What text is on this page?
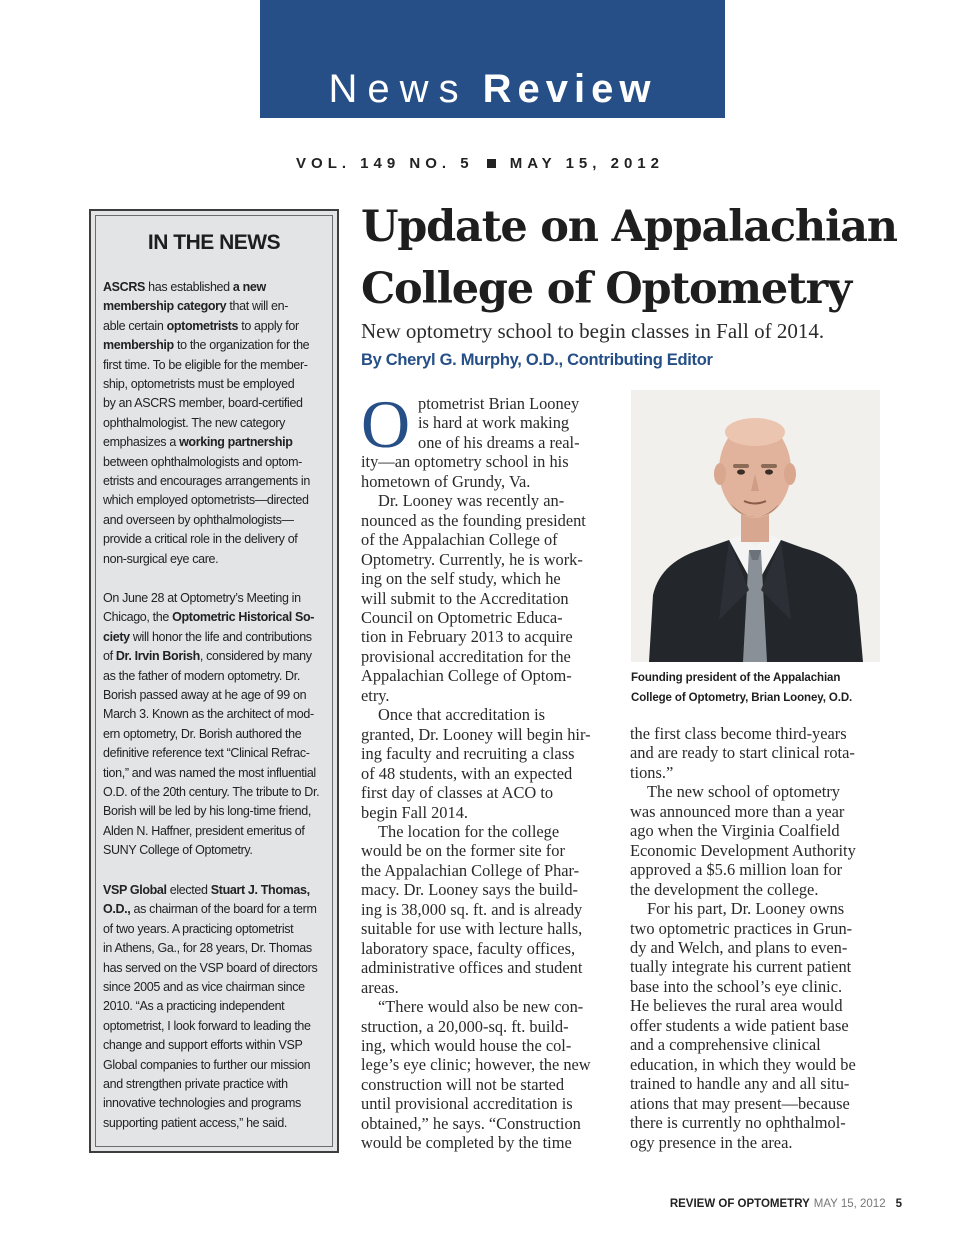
News Review
VOL. 149 NO. 5 MAY 15, 2012
IN THE NEWS
ASCRS has established a new
membership category that will en-
able certain optometrists to apply for
membership to the organization for the
first time. To be eligible for the member-
ship, optometrists must be employed
by an ASCRS member, board-certified
ophthalmologist. The new category
emphasizes a working partnership
between ophthalmologists and optom-
etrists and encourages arrangements in
which employed optometrists—directed
and overseen by ophthalmologists—
provide a critical role in the delivery of
non-surgical eye care.
On June 28 at Optometry’s Meeting in
Chicago, the Optometric Historical So-
ciety will honor the life and contributions
of Dr. Irvin Borish, considered by many
as the father of modern optometry. Dr.
Borish passed away at he age of 99 on
March 3. Known as the architect of mod-
ern optometry, Dr. Borish authored the
definitive reference text “Clinical Refrac-
tion,” and was named the most influential
O.D. of the 20th century. The tribute to Dr.
Borish will be led by his long-time friend,
Alden N. Haffner, president emeritus of
SUNY College of Optometry.
VSP Global elected Stuart J. Thomas,
O.D., as chairman of the board for a term
of two years. A practicing optometrist
in Athens, Ga., for 28 years, Dr. Thomas
has served on the VSP board of directors
since 2005 and as vice chairman since
2010. “As a practicing independent
optometrist, I look forward to leading the
change and support efforts within VSP
Global companies to further our mission
and strengthen private practice with
innovative technologies and programs
supporting patient access,” he said.
Update on Appalachian
College of Optometry
New optometry school to begin classes in Fall of 2014.
By Cheryl G. Murphy, O.D., Contributing Editor
O ptometrist Brian Looney
is hard at work making
one of his dreams a real-
ity—an optometry school in his
hometown of Grundy, Va.
Dr. Looney was recently an-
nounced as the founding president
of the Appalachian College of
Optometry. Currently, he is work-
ing on the self study, which he
will submit to the Accreditation
Council on Optometric Educa-
tion in February 2013 to acquire
provisional accreditation for the
Appalachian College of Optom-
etry.
Once that accreditation is
granted, Dr. Looney will begin hir-
ing faculty and recruiting a class
of 48 students, with an expected
first day of classes at ACO to
begin Fall 2014.
The location for the college
would be on the former site for
the Appalachian College of Phar-
macy. Dr. Looney says the build-
ing is 38,000 sq. ft. and is already
suitable for use with lecture halls,
laboratory space, faculty offices,
administrative offices and student
areas.
“There would also be new con-
struction, a 20,000-sq. ft. build-
ing, which would house the col-
lege’s eye clinic; however, the new
construction will not be started
until provisional accreditation is
obtained,” he says. “Construction
would be completed by the time
Founding president of the Appalachian
College of Optometry, Brian Looney, O.D.
the first class become third-years
and are ready to start clinical rota-
tions.”
The new school of optometry
was announced more than a year
ago when the Virginia Coalfield
Economic Development Authority
approved a $5.6 million loan for
the development the college.
For his part, Dr. Looney owns
two optometric practices in Grun-
dy and Welch, and plans to even-
tually integrate his current patient
base into the school’s eye clinic.
He believes the rural area would
offer students a wide patient base
and a comprehensive clinical
education, in which they would be
trained to handle any and all situ-
ations that may present—because
there is currently no ophthalmol-
ogy presence in the area.
REVIEW OF OPTOMETRY MAY 15, 2012 5
